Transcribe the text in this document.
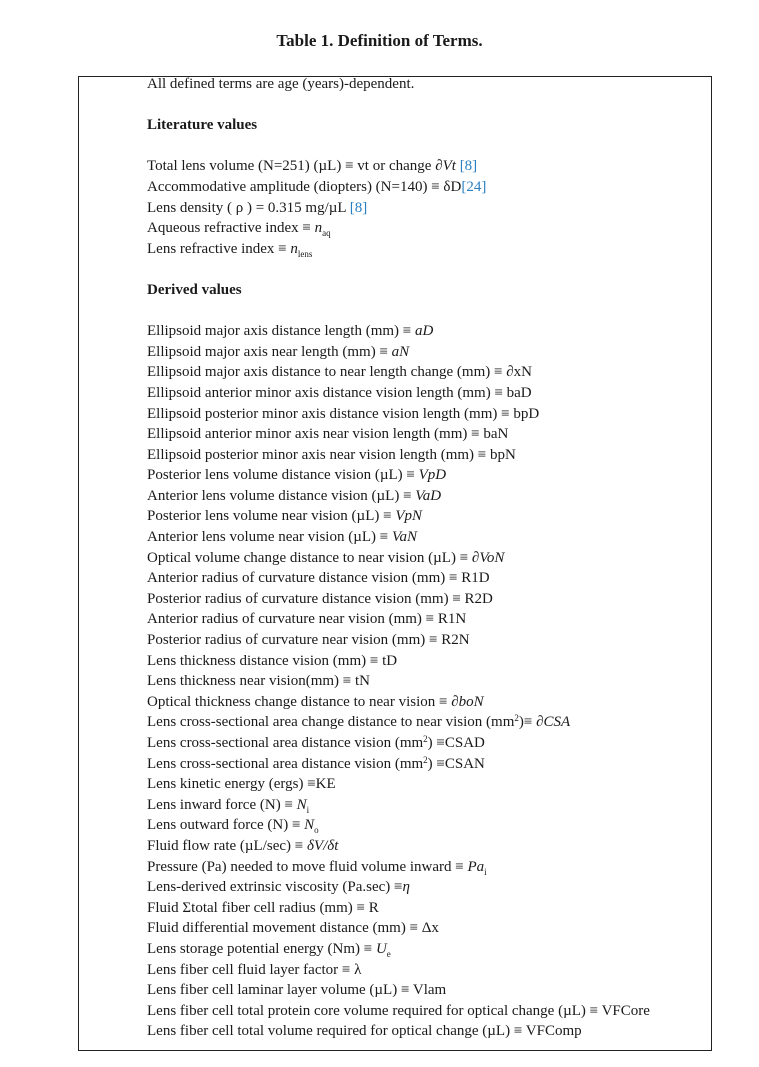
Table 1. Definition of Terms.
All defined terms are age (years)-dependent.
Literature values
Total lens volume (N=251) (µL) ≡ vt or change ∂Vt [8]
Accommodative amplitude (diopters) (N=140) ≡ δD[24]
Lens density ( ρ ) = 0.315 mg/µL [8]
Aqueous refractive index ≡ $n_{aq}$
Lens refractive index ≡ $n_{lens}$
Derived values
Ellipsoid major axis distance length (mm) ≡ aD
Ellipsoid major axis near length (mm) ≡ aN
Ellipsoid major axis distance to near length change (mm) ≡ ∂xN
Ellipsoid anterior minor axis distance vision length (mm) ≡ baD
Ellipsoid posterior minor axis distance vision length (mm) ≡ bpD
Ellipsoid anterior minor axis near vision length (mm) ≡ baN
Ellipsoid posterior minor axis near vision length (mm) ≡ bpN
Posterior lens volume distance vision (µL) ≡ VpD
Anterior lens volume distance vision (µL) ≡ VaD
Posterior lens volume near vision (µL) ≡ VpN
Anterior lens volume near vision (µL) ≡ VaN
Optical volume change distance to near vision (µL) ≡ ∂VoN
Anterior radius of curvature distance vision (mm) ≡ R1D
Posterior radius of curvature distance vision (mm) ≡ R2D
Anterior radius of curvature near vision (mm) ≡ R1N
Posterior radius of curvature near vision (mm) ≡ R2N
Lens thickness distance vision (mm) ≡ tD
Lens thickness near vision(mm) ≡ tN
Optical thickness change distance to near vision ≡ ∂boN
Lens cross-sectional area change distance to near vision $(mm^2)\equiv \partial CSA$
Lens cross-sectional area distance vision $(mm^2)$ ≡CSAD
Lens cross-sectional area distance vision $(mm^2)$ ≡CSAN
Lens kinetic energy (ergs) ≡KE
Lens inward force $(N) \equiv N_i$
Lens outward force $(N) \equiv N_o$
Fluid flow rate (µL/sec) ≡ δV/δt
Pressure (Pa) needed to move fluid volume inward ≡ $Pa_i$
Lens-derived extrinsic viscosity (Pa.sec) ≡η
Fluid Σtotal fiber cell radius (mm) ≡ R
Fluid differential movement distance (mm) ≡ Δx
Lens storage potential energy $(Nm) \equiv U_e$
Lens fiber cell fluid layer factor ≡ λ
Lens fiber cell laminar layer volume (µL) ≡ Vlam
Lens fiber cell total protein core volume required for optical change (µL) ≡ VFCore
Lens fiber cell total volume required for optical change (µL) ≡ VFComp
